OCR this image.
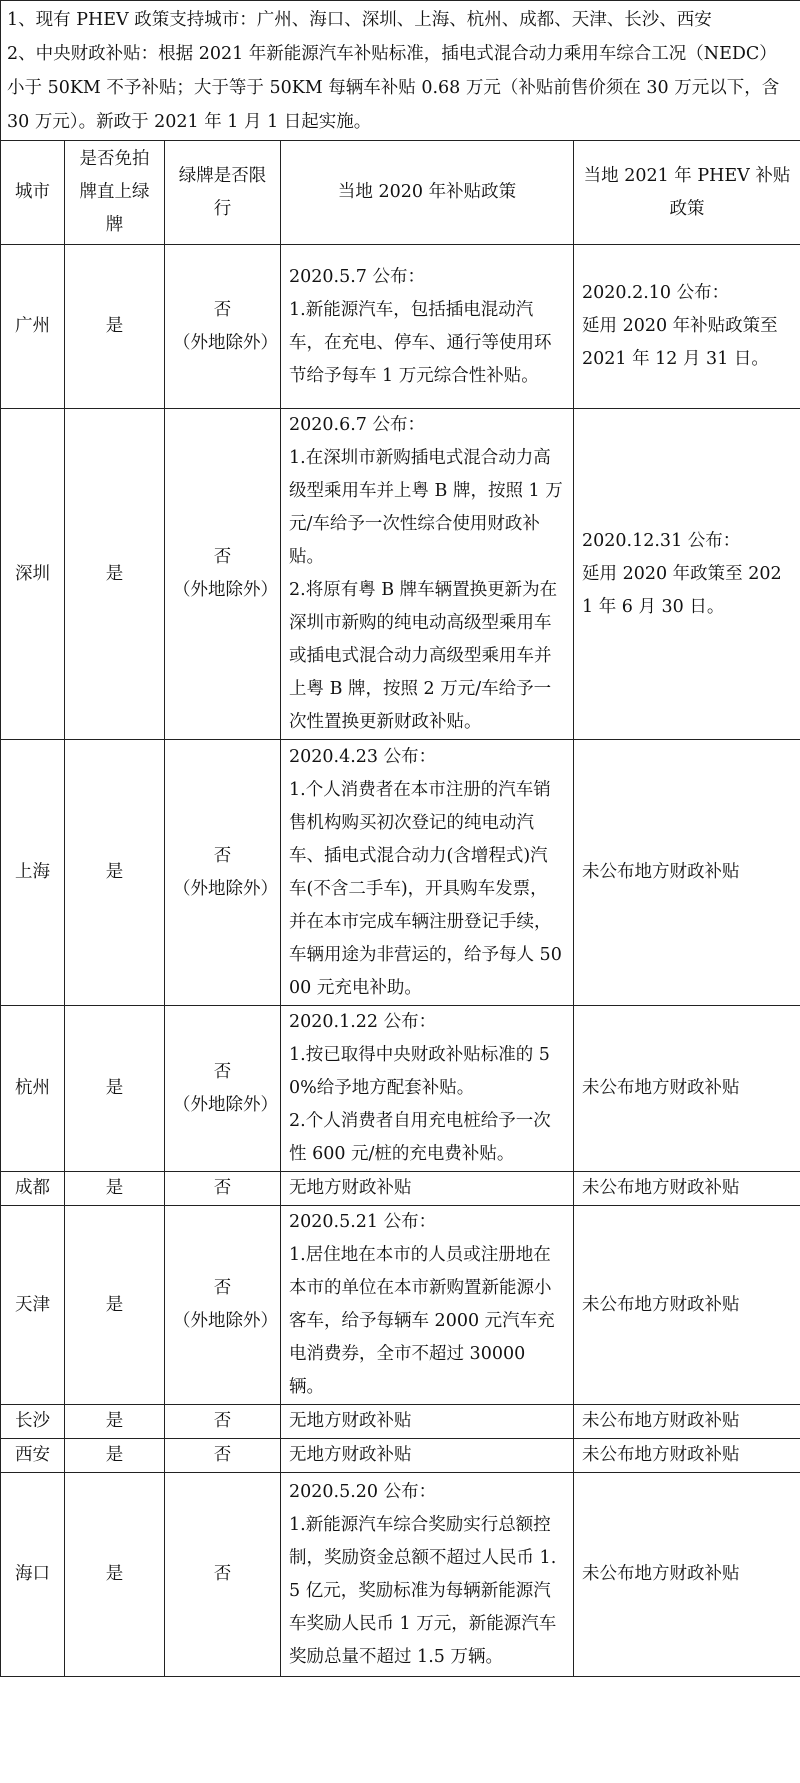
1、现有 PHEV 政策支持城市：广州、海口、深圳、上海、杭州、成都、天津、长沙、西安
2、中央财政补贴：根据 2021 年新能源汽车补贴标准，插电式混合动力乘用车综合工况（NEDC）小于 50KM 不予补贴；大于等于 50KM 每辆车补贴 0.68 万元（补贴前售价须在 30 万元以下，含 30 万元）。新政于 2021 年 1 月 1 日起实施。				

城市	是否免拍牌直上绿牌	绿牌是否限行	当地 2020 年补贴政策	当地 2021 年 PHEV 补贴政策
广州	是	否
（外地除外）	2020.5.7 公布：
1.新能源汽车，包括插电混动汽车，在充电、停车、通行等使用环节给予每车 1 万元综合性补贴。	2020.2.10 公布：
延用 2020 年补贴政策至 2021 年 12 月 31 日。

深圳	是	否
（外地除外）	2020.6.7 公布：
1.在深圳市新购插电式混合动力高级型乘用车并上粤 B 牌，按照 1 万元/车给予一次性综合使用财政补贴。
2.将原有粤 B 牌车辆置换更新为在深圳市新购的纯电动高级型乘用车或插电式混合动力高级型乘用车并上粤 B 牌，按照 2 万元/车给予一次性置换更新财政补贴。	2020.12.31 公布：
延用 2020 年政策至 2021 年 6 月 30 日。

上海	是	否
（外地除外）	2020.4.23 公布：
1.个人消费者在本市注册的汽车销售机构购买初次登记的纯电动汽车、插电式混合动力(含增程式)汽车(不含二手车)，开具购车发票，并在本市完成车辆注册登记手续，车辆用途为非营运的，给予每人 5000 元充电补助。	未公布地方财政补贴

杭州	是	否
（外地除外）	2020.1.22 公布：
1.按已取得中央财政补贴标准的 50%给予地方配套补贴。
2.个人消费者自用充电桩给予一次性 600 元/桩的充电费补贴。	未公布地方财政补贴

成都	是	否	无地方财政补贴	未公布地方财政补贴

天津	是	否
（外地除外）	2020.5.21 公布：
1.居住地在本市的人员或注册地在本市的单位在本市新购置新能源小客车，给予每辆车 2000 元汽车充电消费券，全市不超过 30000 辆。	未公布地方财政补贴

长沙	是	否	无地方财政补贴	未公布地方财政补贴

西安	是	否	无地方财政补贴	未公布地方财政补贴

海口	是	否	2020.5.20 公布：
1.新能源汽车综合奖励实行总额控制，奖励资金总额不超过人民币 1.5 亿元，奖励标准为每辆新能源汽车奖励人民币 1 万元，新能源汽车奖励总量不超过 1.5 万辆。	未公布地方财政补贴
